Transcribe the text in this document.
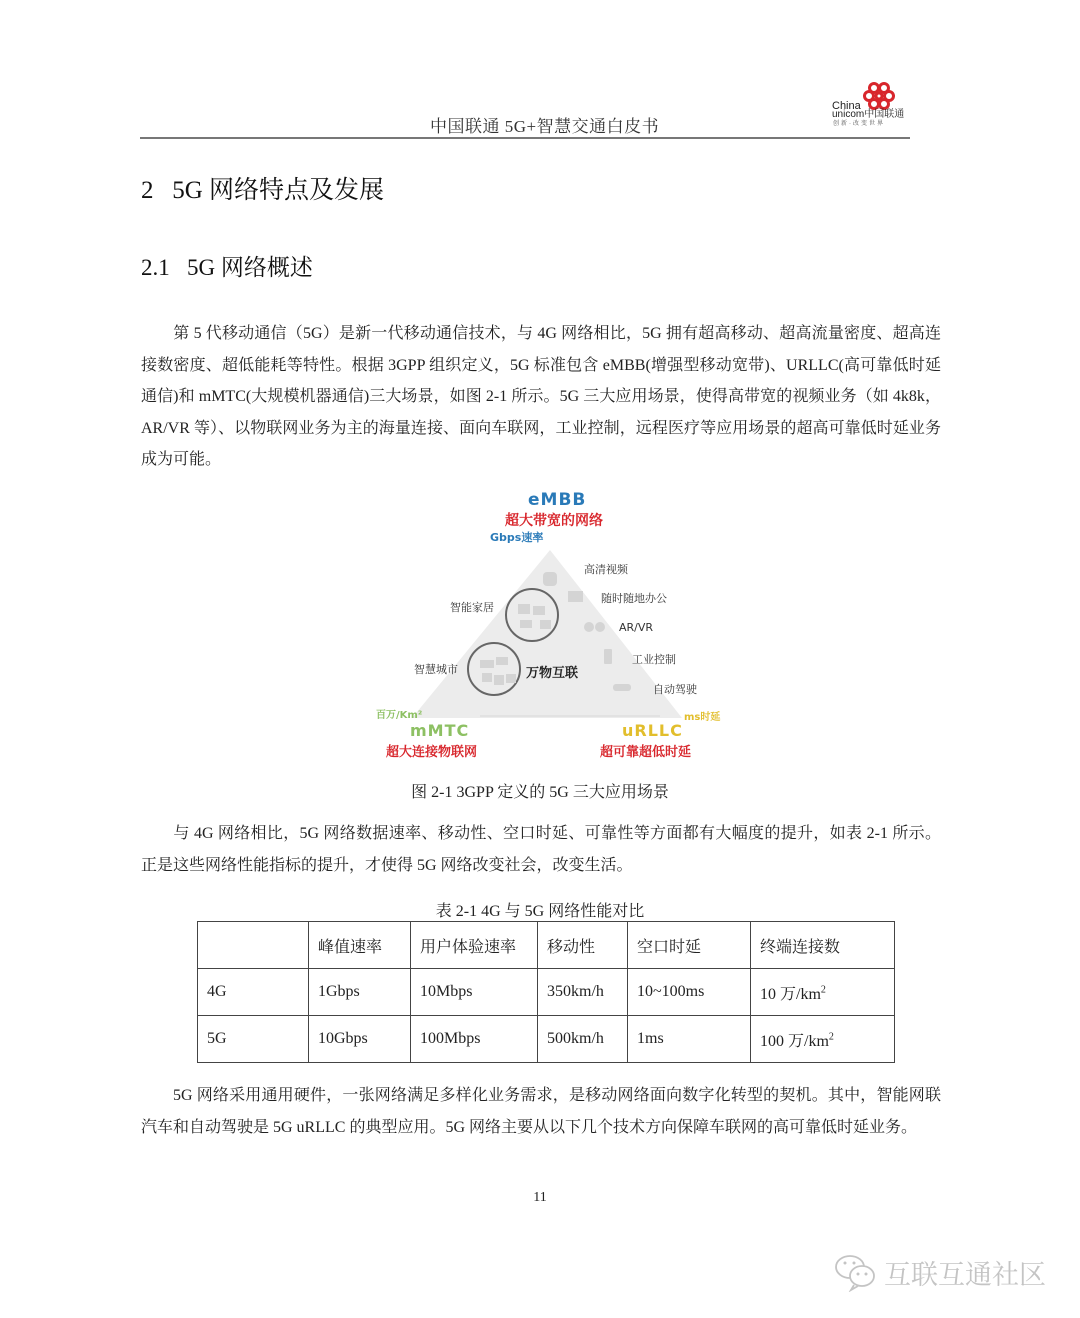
中国联通 5G+智慧交通白皮书
China
unicom中国联通
创新·改变世界
2   5G 网络特点及发展
2.1   5G 网络概述
第 5 代移动通信（5G）是新一代移动通信技术，与 4G 网络相比，5G 拥有超高移动、超高流量密度、超高连接数密度、超低能耗等特性。根据 3GPP 组织定义，5G 标准包含 eMBB(增强型移动宽带)、URLLC(高可靠低时延通信)和 mMTC(大规模机器通信)三大场景，如图 2-1 所示。5G 三大应用场景，使得高带宽的视频业务（如 4k8k，AR/VR 等）、以物联网业务为主的海量连接、面向车联网，工业控制，远程医疗等应用场景的超高可靠低时延业务成为可能。
eMBB
超大带宽的网络
Gbps速率
高清视频
随时随地办公
AR/VR
工业控制
自动驾驶
智能家居
智慧城市	万物互联
百万/Km²
mMTC
超大连接物联网
ms时延
uRLLC
超可靠超低时延
图 2-1 3GPP 定义的 5G 三大应用场景
与 4G 网络相比，5G 网络数据速率、移动性、空口时延、可靠性等方面都有大幅度的提升，如表 2-1 所示。正是这些网络性能指标的提升，才使得 5G 网络改变社会，改变生活。
表 2-1 4G 与 5G 网络性能对比
	峰值速率	用户体验速率	移动性	空口时延	终端连接数
4G	1Gbps	10Mbps	350km/h	10~100ms	10 万$/km^2$
5G	10Gbps	100Mbps	500km/h	1ms	100 万$/km^2$
5G 网络采用通用硬件，一张网络满足多样化业务需求，是移动网络面向数字化转型的契机。其中，智能网联汽车和自动驾驶是 5G uRLLC 的典型应用。5G 网络主要从以下几个技术方向保障车联网的高可靠低时延业务。
11
互联互通社区
